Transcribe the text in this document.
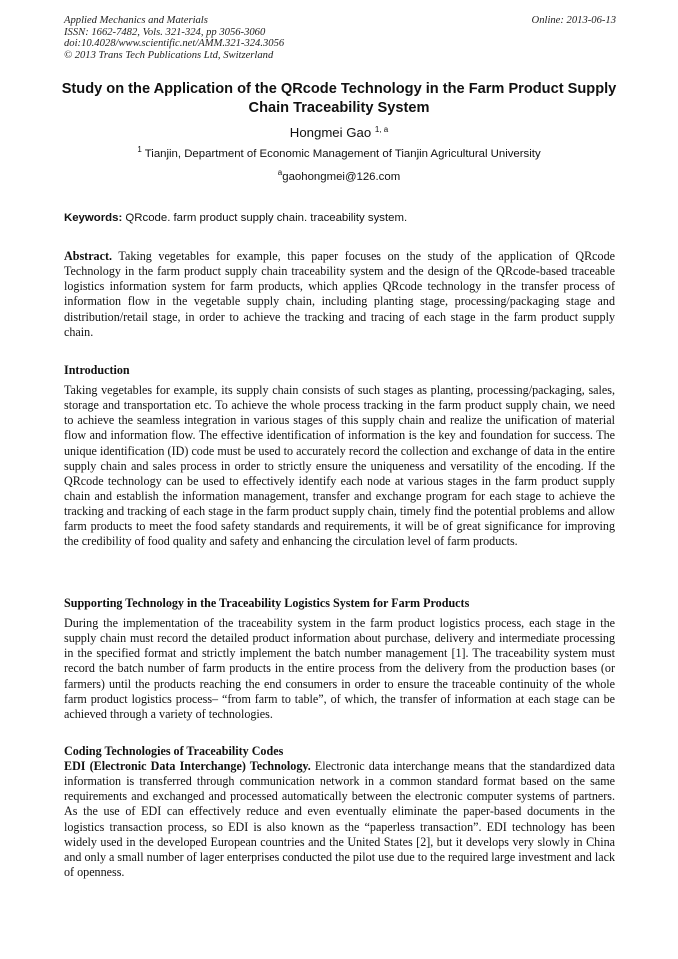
Applied Mechanics and Materials
ISSN: 1662-7482, Vols. 321-324, pp 3056-3060
doi:10.4028/www.scientific.net/AMM.321-324.3056
© 2013 Trans Tech Publications Ltd, Switzerland
Online: 2013-06-13
Study on the Application of the QRcode Technology in the Farm Product Supply Chain Traceability System
Hongmei Gao $^{1, a}$
$^1$ Tianjin, Department of Economic Management of Tianjin Agricultural University
$^a$gaohongmei@126.com
Keywords: QRcode. farm product supply chain. traceability system.
Abstract. Taking vegetables for example, this paper focuses on the study of the application of QRcode Technology in the farm product supply chain traceability system and the design of the QRcode-based traceable logistics information system for farm products, which applies QRcode technology in the transfer process of information flow in the vegetable supply chain, including planting stage, processing/packaging stage and distribution/retail stage, in order to achieve the tracking and tracing of each stage in the farm product supply chain.
Introduction
Taking vegetables for example, its supply chain consists of such stages as planting, processing/packaging, sales, storage and transportation etc. To achieve the whole process tracking in the farm product supply chain, we need to achieve the seamless integration in various stages of this supply chain and realize the unification of material flow and information flow. The effective identification of information is the key and foundation for success. The unique identification (ID) code must be used to accurately record the collection and exchange of data in the entire supply chain and sales process in order to strictly ensure the uniqueness and versatility of the encoding. If the QRcode technology can be used to effectively identify each node at various stages in the farm product supply chain and establish the information management, transfer and exchange program for each stage to achieve the tracking and tracking of each stage in the farm product supply chain, timely find the potential problems and allow farm products to meet the food safety standards and requirements, it will be of great significance for improving the credibility of food quality and safety and enhancing the circulation level of farm products.
Supporting Technology in the Traceability Logistics System for Farm Products
During the implementation of the traceability system in the farm product logistics process, each stage in the supply chain must record the detailed product information about purchase, delivery and intermediate processing in the specified format and strictly implement the batch number management [1]. The traceability system must record the batch number of farm products in the entire process from the delivery from the production bases (or farmers) until the products reaching the end consumers in order to ensure the traceable continuity of the whole farm product logistics process– “from farm to table”, of which, the transfer of information at each stage can be achieved through a variety of technologies.
Coding Technologies of Traceability Codes
EDI (Electronic Data Interchange) Technology. Electronic data interchange means that the standardized data information is transferred through communication network in a common standard format based on the same requirements and exchanged and processed automatically between the electronic computer systems of partners. As the use of EDI can effectively reduce and even eventually eliminate the paper-based documents in the logistics transaction process, so EDI is also known as the “paperless transaction”. EDI technology has been widely used in the developed European countries and the United States [2], but it develops very slowly in China and only a small number of lager enterprises conducted the pilot use due to the required large investment and lack of openness.
